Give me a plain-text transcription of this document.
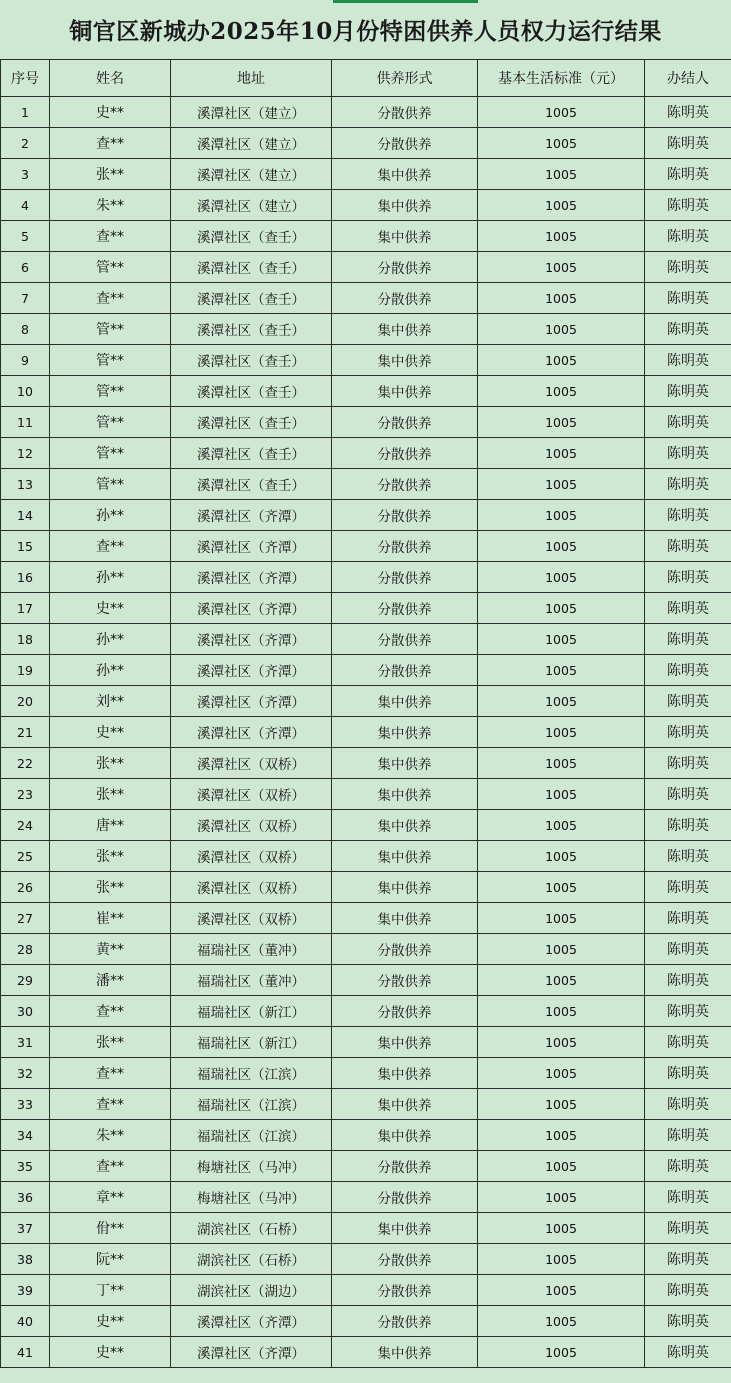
铜官区新城办2025年10月份特困供养人员权力运行结果
序号	姓名	地址	供养形式	基本生活标准（元）	办结人
1	史**	溪潭社区（建立）	分散供养	1005	陈明英
2	查**	溪潭社区（建立）	分散供养	1005	陈明英
3	张**	溪潭社区（建立）	集中供养	1005	陈明英
4	朱**	溪潭社区（建立）	集中供养	1005	陈明英
5	查**	溪潭社区（查壬）	集中供养	1005	陈明英
6	管**	溪潭社区（查壬）	分散供养	1005	陈明英
7	查**	溪潭社区（查壬）	分散供养	1005	陈明英
8	管**	溪潭社区（查壬）	集中供养	1005	陈明英
9	管**	溪潭社区（查壬）	集中供养	1005	陈明英
10	管**	溪潭社区（查壬）	集中供养	1005	陈明英
11	管**	溪潭社区（查壬）	分散供养	1005	陈明英
12	管**	溪潭社区（查壬）	分散供养	1005	陈明英
13	管**	溪潭社区（查壬）	分散供养	1005	陈明英
14	孙**	溪潭社区（齐潭）	分散供养	1005	陈明英
15	查**	溪潭社区（齐潭）	分散供养	1005	陈明英
16	孙**	溪潭社区（齐潭）	分散供养	1005	陈明英
17	史**	溪潭社区（齐潭）	分散供养	1005	陈明英
18	孙**	溪潭社区（齐潭）	分散供养	1005	陈明英
19	孙**	溪潭社区（齐潭）	分散供养	1005	陈明英
20	刘**	溪潭社区（齐潭）	集中供养	1005	陈明英
21	史**	溪潭社区（齐潭）	集中供养	1005	陈明英
22	张**	溪潭社区（双桥）	集中供养	1005	陈明英
23	张**	溪潭社区（双桥）	集中供养	1005	陈明英
24	唐**	溪潭社区（双桥）	集中供养	1005	陈明英
25	张**	溪潭社区（双桥）	集中供养	1005	陈明英
26	张**	溪潭社区（双桥）	集中供养	1005	陈明英
27	崔**	溪潭社区（双桥）	集中供养	1005	陈明英
28	黄**	福瑞社区（董冲）	分散供养	1005	陈明英
29	潘**	福瑞社区（董冲）	分散供养	1005	陈明英
30	查**	福瑞社区（新江）	分散供养	1005	陈明英
31	张**	福瑞社区（新江）	集中供养	1005	陈明英
32	查**	福瑞社区（江滨）	集中供养	1005	陈明英
33	查**	福瑞社区（江滨）	集中供养	1005	陈明英
34	朱**	福瑞社区（江滨）	集中供养	1005	陈明英
35	查**	梅塘社区（马冲）	分散供养	1005	陈明英
36	章**	梅塘社区（马冲）	分散供养	1005	陈明英
37	佾**	湖滨社区（石桥）	集中供养	1005	陈明英
38	阮**	湖滨社区（石桥）	分散供养	1005	陈明英
39	丁**	湖滨社区（湖边）	分散供养	1005	陈明英
40	史**	溪潭社区（齐潭）	分散供养	1005	陈明英
41	史**	溪潭社区（齐潭）	集中供养	1005	陈明英
